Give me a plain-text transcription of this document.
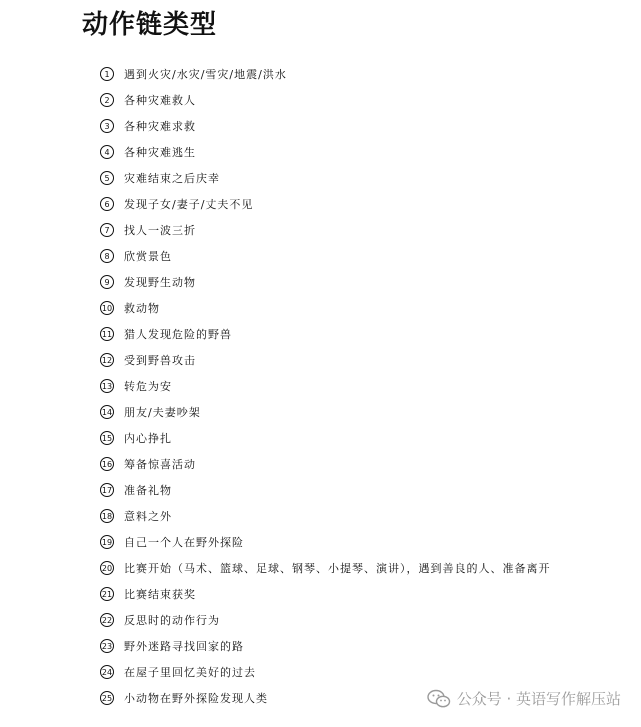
动作链类型
1	遇到火灾/水灾/雪灾/地震/洪水
2	各种灾难救人
3	各种灾难求救
4	各种灾难逃生
5	灾难结束之后庆幸
6	发现子女/妻子/丈夫不见
7	找人一波三折
8	欣赏景色
9	发现野生动物
10 救动物
11 猎人发现危险的野兽
12 受到野兽攻击
13 转危为安
14 朋友/夫妻吵架
15 内心挣扎
16 筹备惊喜活动
17 准备礼物
18 意料之外
19 自己一个人在野外探险
20 比赛开始（马术、篮球、足球、钢琴、小提琴、演讲），遇到善良的人、准备离开
21 比赛结束获奖
22 反思时的动作行为
23 野外迷路寻找回家的路
24 在屋子里回忆美好的过去
25 小动物在野外探险发现人类	公众号 · 英语写作解压站
